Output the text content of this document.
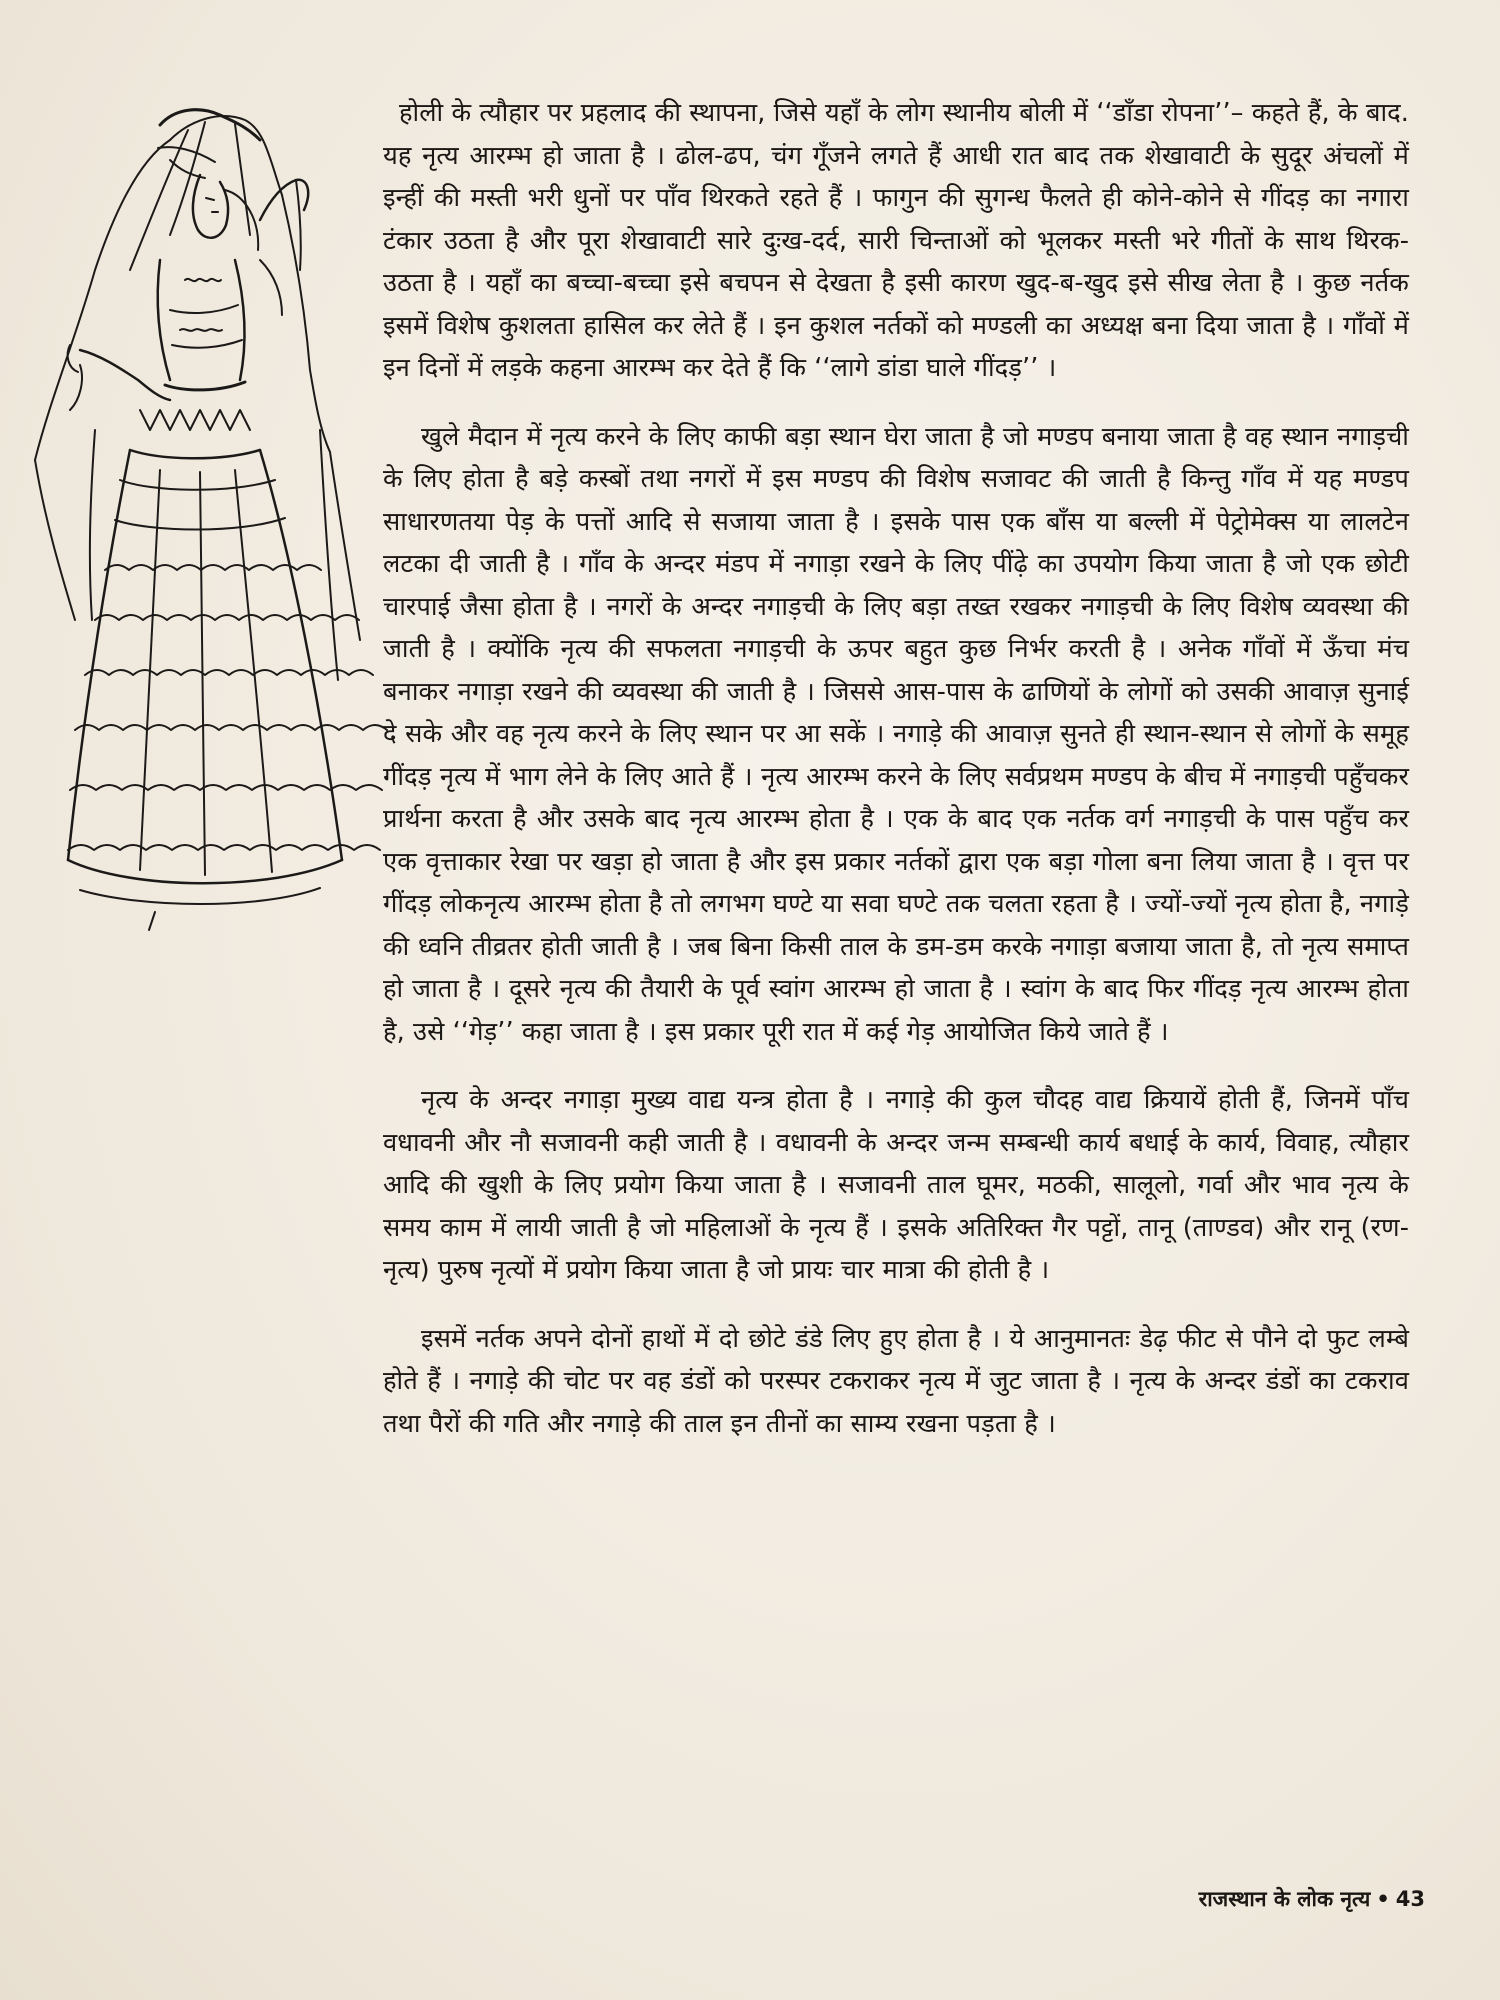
होली के त्यौहार पर प्रहलाद की स्थापना, जिसे यहाँ के लोग स्थानीय बोली में ‘‘डाँडा रोपना’’– कहते हैं, के बाद. यह नृत्य आरम्भ हो जाता है । ढोल-ढप, चंग गूँजने लगते हैं आधी रात बाद तक शेखावाटी के सुदूर अंचलों में इन्हीं की मस्ती भरी धुनों पर पाँव थिरकते रहते हैं । फागुन की सुगन्ध फैलते ही कोने-कोने से गींदड़ का नगारा टंकार उठता है और पूरा शेखावाटी सारे दुःख-दर्द, सारी चिन्ताओं को भूलकर मस्ती भरे गीतों के साथ थिरक-उठता है । यहाँ का बच्चा-बच्चा इसे बचपन से देखता है इसी कारण खुद-ब-खुद इसे सीख लेता है । कुछ नर्तक इसमें विशेष कुशलता हासिल कर लेते हैं । इन कुशल नर्तकों को मण्डली का अध्यक्ष बना दिया जाता है । गाँवों में इन दिनों में लड़के कहना आरम्भ कर देते हैं कि ‘‘लागे डांडा घाले गींदड़’’ ।

खुले मैदान में नृत्य करने के लिए काफी बड़ा स्थान घेरा जाता है जो मण्डप बनाया जाता है वह स्थान नगाड़ची के लिए होता है बड़े कस्बों तथा नगरों में इस मण्डप की विशेष सजावट की जाती है किन्तु गाँव में यह मण्डप साधारणतया पेड़ के पत्तों आदि से सजाया जाता है । इसके पास एक बाँस या बल्ली में पेट्रोमेक्स या लालटेन लटका दी जाती है । गाँव के अन्दर मंडप में नगाड़ा रखने के लिए पींढ़े का उपयोग किया जाता है जो एक छोटी चारपाई जैसा होता है । नगरों के अन्दर नगाड़ची के लिए बड़ा तख्त रखकर नगाड़ची के लिए विशेष व्यवस्था की जाती है । क्योंकि नृत्य की सफलता नगाड़ची के ऊपर बहुत कुछ निर्भर करती है । अनेक गाँवों में ऊँचा मंच बनाकर नगाड़ा रखने की व्यवस्था की जाती है । जिससे आस-पास के ढाणियों के लोगों को उसकी आवाज़ सुनाई दे सके और वह नृत्य करने के लिए स्थान पर आ सकें । नगाड़े की आवाज़ सुनते ही स्थान-स्थान से लोगों के समूह गींदड़ नृत्य में भाग लेने के लिए आते हैं । नृत्य आरम्भ करने के लिए सर्वप्रथम मण्डप के बीच में नगाड़ची पहुँचकर प्रार्थना करता है और उसके बाद नृत्य आरम्भ होता है । एक के बाद एक नर्तक वर्ग नगाड़ची के पास पहुँच कर एक वृत्ताकार रेखा पर खड़ा हो जाता है और इस प्रकार नर्तकों द्वारा एक बड़ा गोला बना लिया जाता है । वृत्त पर गींदड़ लोकनृत्य आरम्भ होता है तो लगभग घण्टे या सवा घण्टे तक चलता रहता है । ज्यों-ज्यों नृत्य होता है, नगाड़े की ध्वनि तीव्रतर होती जाती है । जब बिना किसी ताल के डम-डम करके नगाड़ा बजाया जाता है, तो नृत्य समाप्त हो जाता है । दूसरे नृत्य की तैयारी के पूर्व स्वांग आरम्भ हो जाता है । स्वांग के बाद फिर गींदड़ नृत्य आरम्भ होता है, उसे ‘‘गेड़’’ कहा जाता है । इस प्रकार पूरी रात में कई गेड़ आयोजित किये जाते हैं ।

नृत्य के अन्दर नगाड़ा मुख्य वाद्य यन्त्र होता है । नगाड़े की कुल चौदह वाद्य क्रियायें होती हैं, जिनमें पाँच वधावनी और नौ सजावनी कही जाती है । वधावनी के अन्दर जन्म सम्बन्धी कार्य बधाई के कार्य, विवाह, त्यौहार आदि की खुशी के लिए प्रयोग किया जाता है । सजावनी ताल घूमर, मठकी, सालूलो, गर्वा और भाव नृत्य के समय काम में लायी जाती है जो महिलाओं के नृत्य हैं । इसके अतिरिक्त गैर पट्टों, तानू (ताण्डव) और रानू (रण-नृत्य) पुरुष नृत्यों में प्रयोग किया जाता है जो प्रायः चार मात्रा की होती है ।

इसमें नर्तक अपने दोनों हाथों में दो छोटे डंडे लिए हुए होता है । ये आनुमानतः डेढ़ फीट से पौने दो फुट लम्बे होते हैं । नगाड़े की चोट पर वह डंडों को परस्पर टकराकर नृत्य में जुट जाता है । नृत्य के अन्दर डंडों का टकराव तथा पैरों की गति और नगाड़े की ताल इन तीनों का साम्य रखना पड़ता है ।

राजस्थान के लोक नृत्य • 43
